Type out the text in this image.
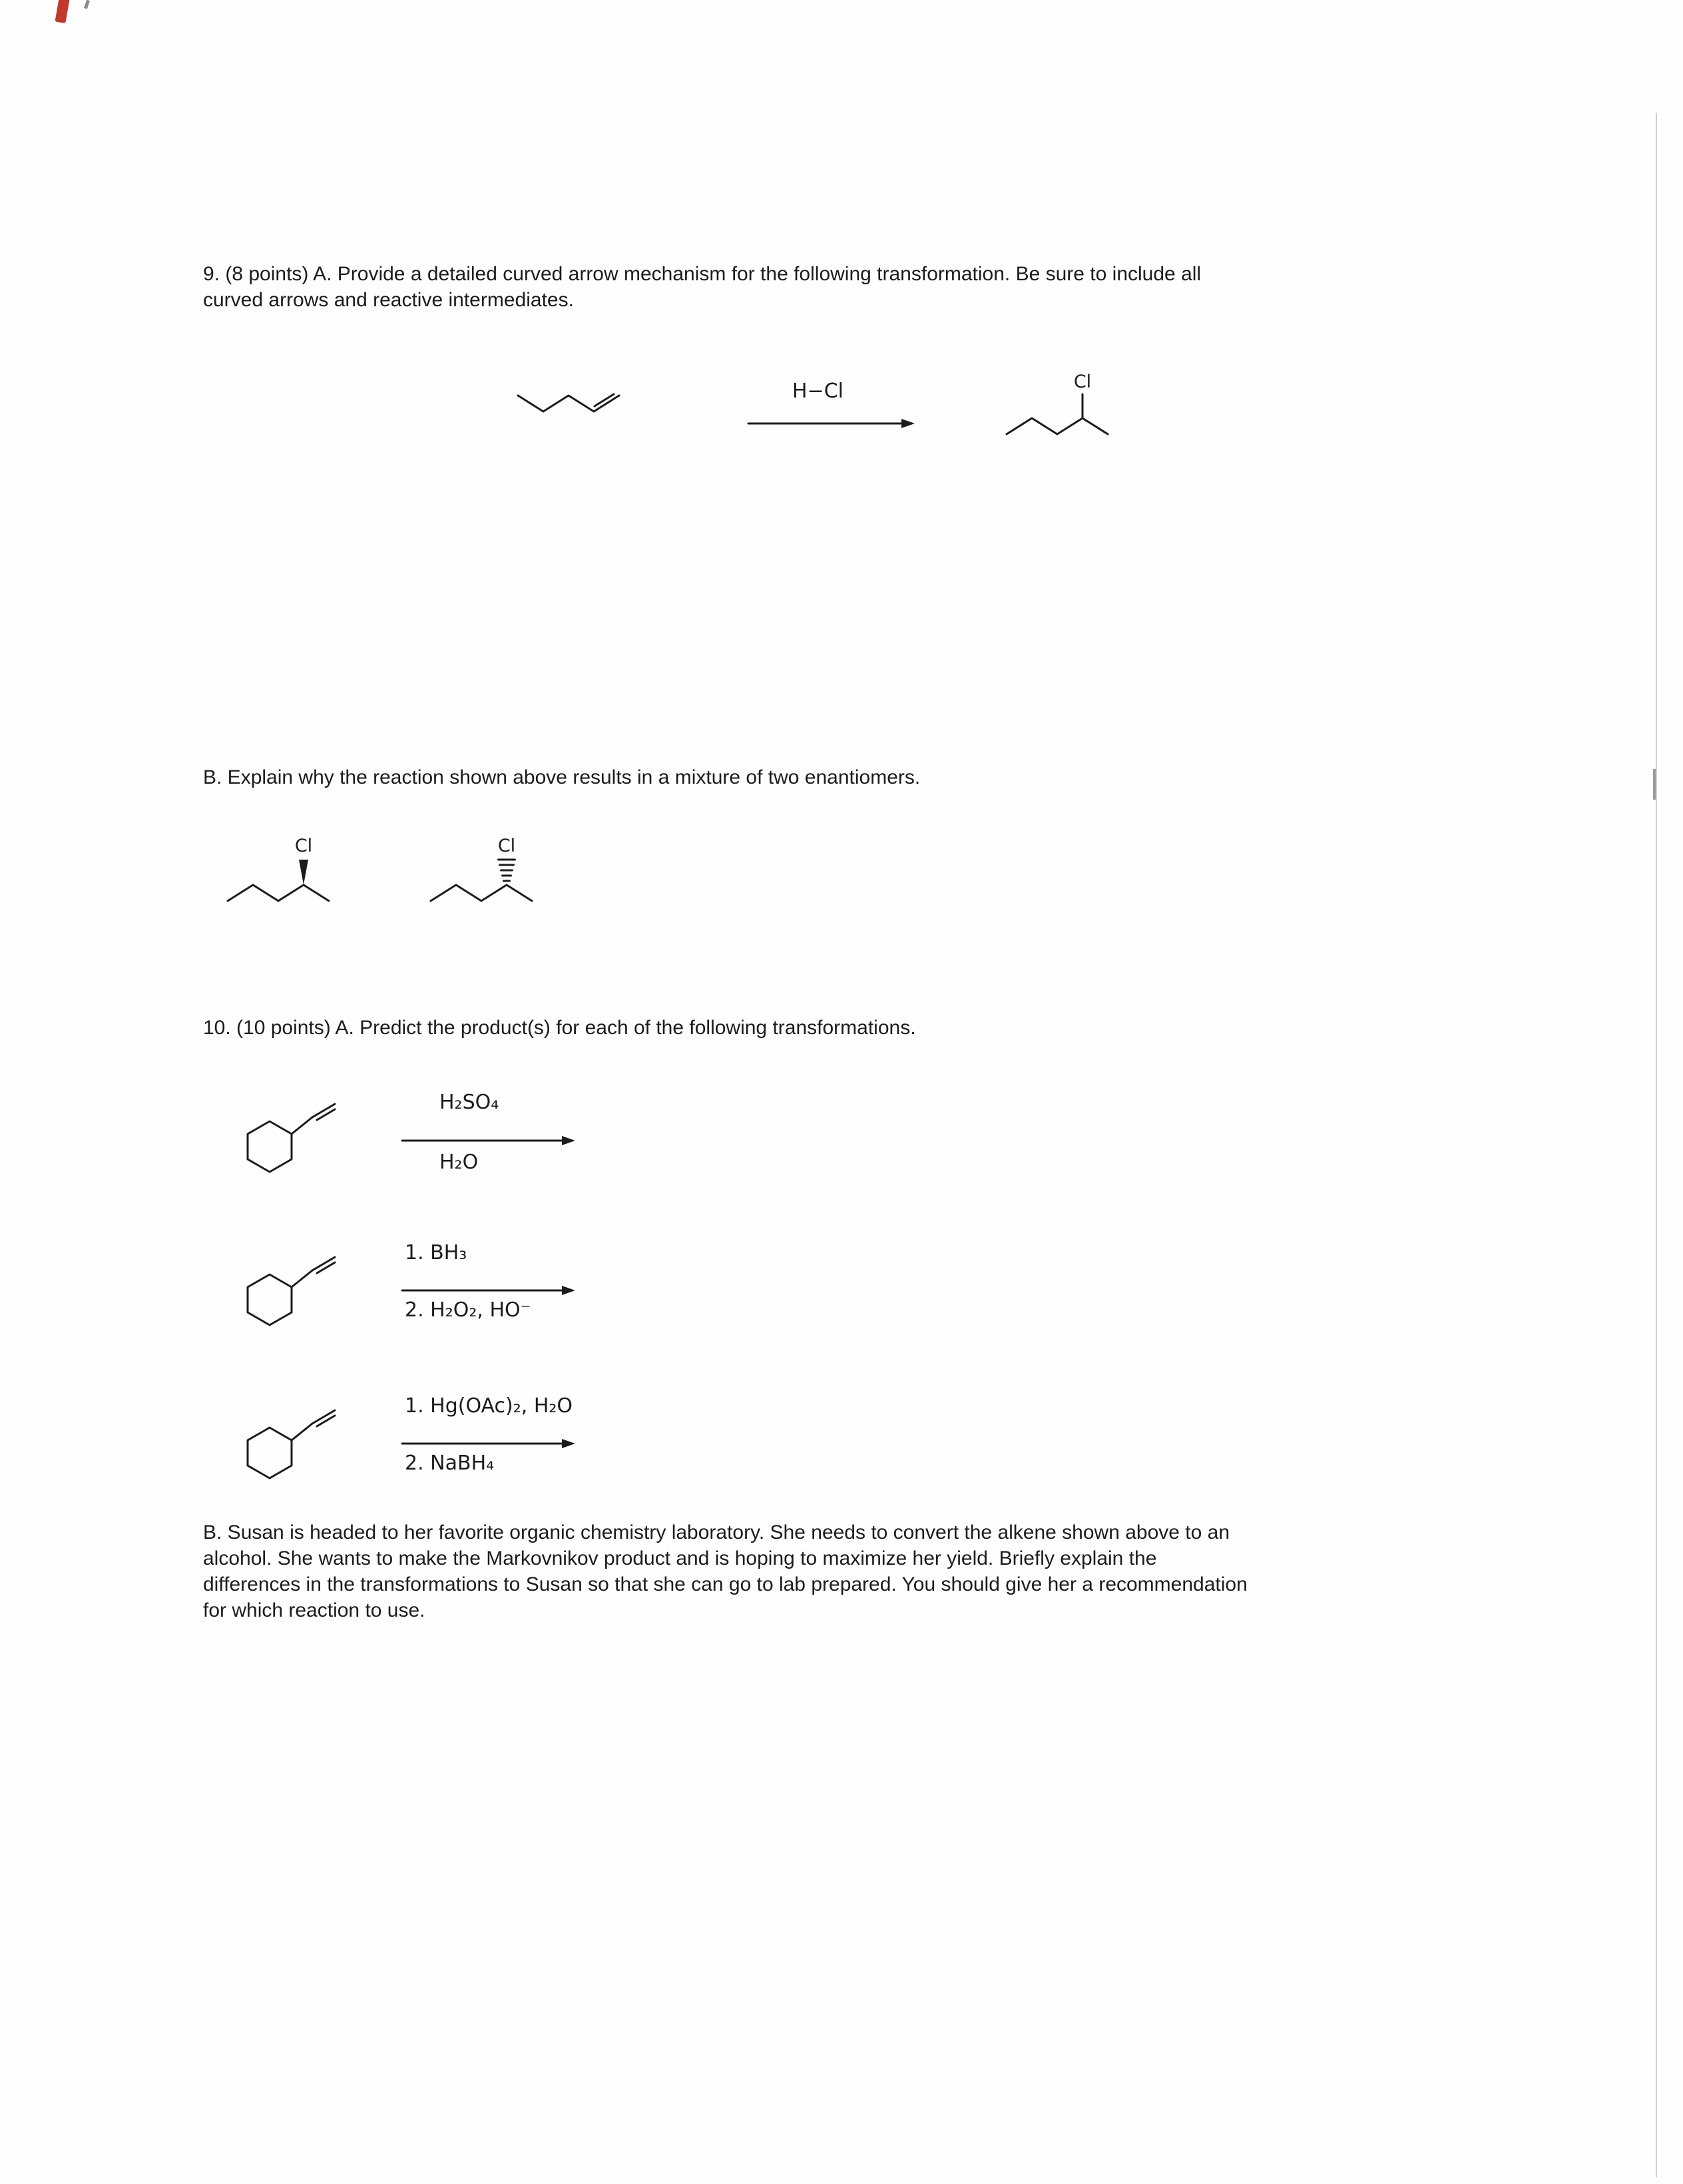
9. (8 points) A. Provide a detailed curved arrow mechanism for the following transformation. Be sure to include all
curved arrows and reactive intermediates.
H−Cl	Cl
B. Explain why the reaction shown above results in a mixture of two enantiomers.
Cl	Cl
10. (10 points) A. Predict the product(s) for each of the following transformations.
H₂SO₄
H₂O
1. BH₃
2. H₂O₂, HO⁻
1. Hg(OAc)₂, H₂O
2. NaBH₄
B. Susan is headed to her favorite organic chemistry laboratory. She needs to convert the alkene shown above to an
alcohol. She wants to make the Markovnikov product and is hoping to maximize her yield. Briefly explain the
differences in the transformations to Susan so that she can go to lab prepared. You should give her a recommendation
for which reaction to use.
